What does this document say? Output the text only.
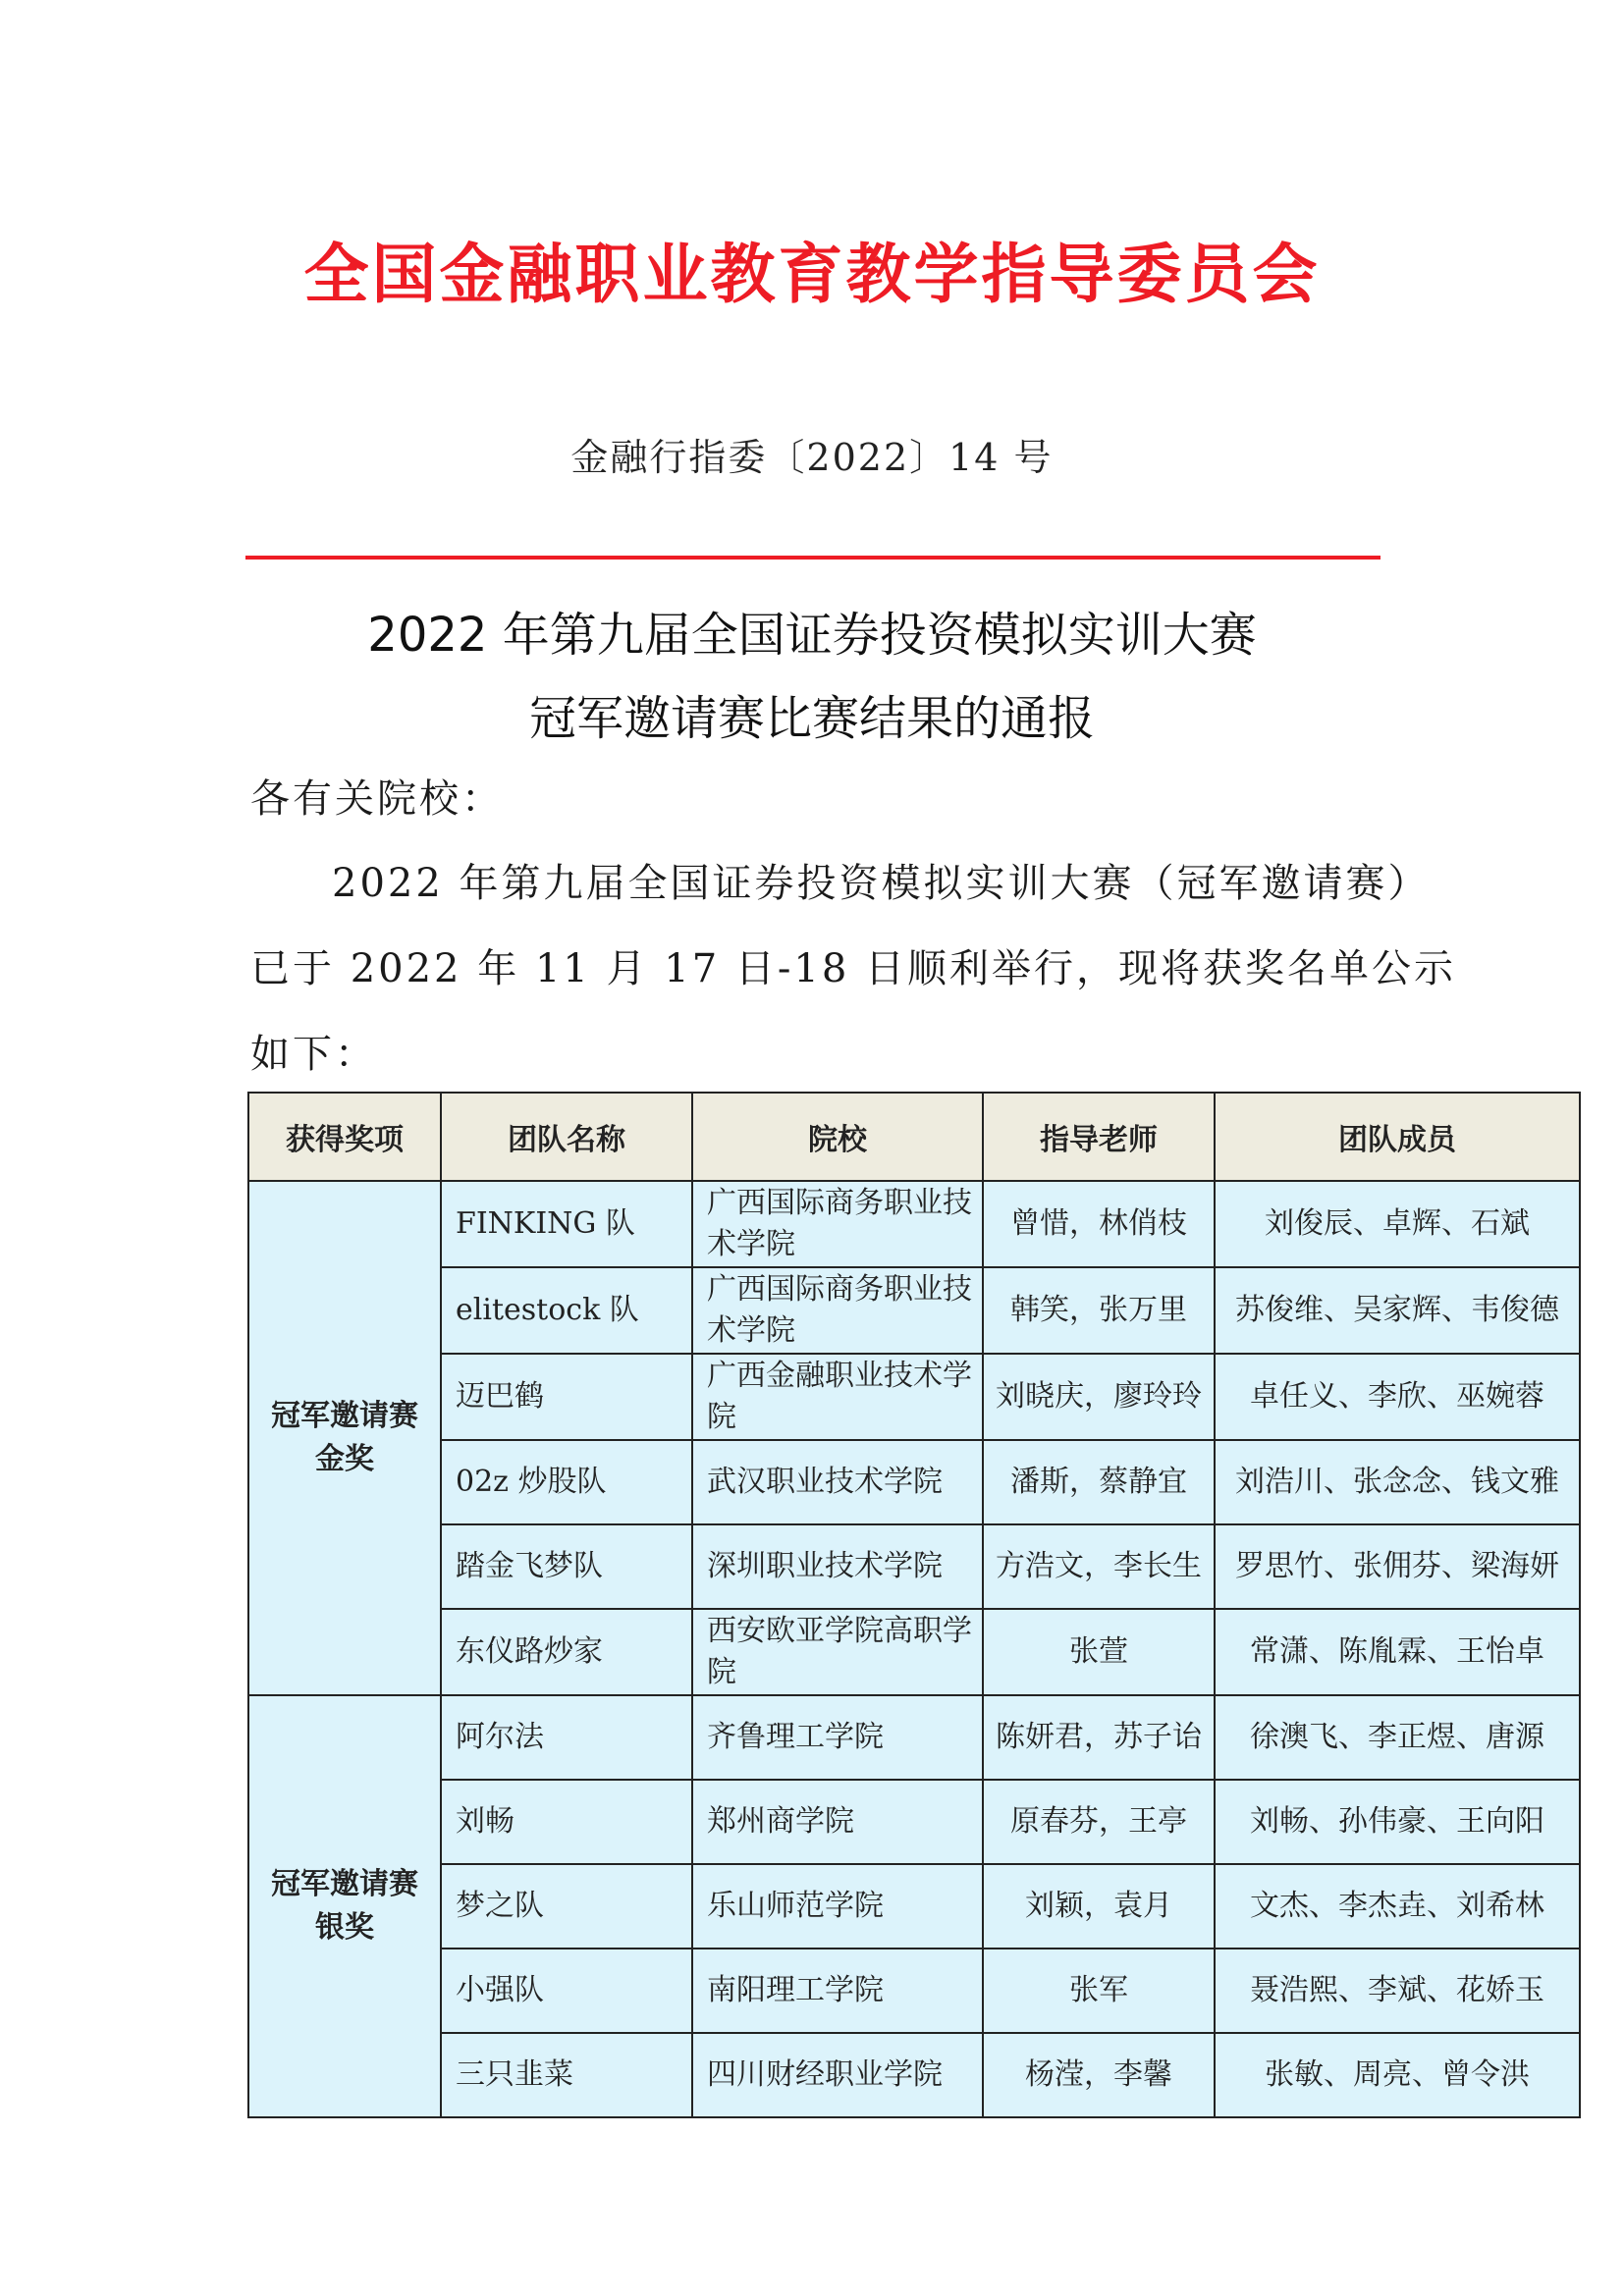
全国金融职业教育教学指导委员会
金融行指委〔2022〕14 号
2022 年第九届全国证券投资模拟实训大赛
冠军邀请赛比赛结果的通报
各有关院校：
2022 年第九届全国证券投资模拟实训大赛（冠军邀请赛）
已于 2022 年 11 月 17 日-18 日顺利举行，现将获奖名单公示
如下：
获得奖项	团队名称	院校	指导老师	团队成员
冠军邀请赛
金奖	FINKING 队	广西国际商务职业技术学院	曾惜，林俏枝	刘俊辰、卓辉、石斌
	elitestock 队	广西国际商务职业技术学院	韩笑，张万里	苏俊维、吴家辉、韦俊德
	迈巴鹤	广西金融职业技术学院	刘晓庆，廖玲玲	卓任义、李欣、巫婉蓉
	02z 炒股队	武汉职业技术学院	潘斯，蔡静宜	刘浩川、张念念、钱文雅
	踏金飞梦队	深圳职业技术学院	方浩文，李长生	罗思竹、张佣芬、梁海妍
	东仪路炒家	西安欧亚学院高职学院	张萱	常潇、陈胤霖、王怡卓
冠军邀请赛
银奖	阿尔法	齐鲁理工学院	陈妍君，苏子诒	徐澳飞、李正煜、唐源
	刘畅	郑州商学院	原春芬，王亭	刘畅、孙伟豪、王向阳
	梦之队	乐山师范学院	刘颖，袁月	文杰、李杰垚、刘希林
	小强队	南阳理工学院	张军	聂浩熙、李斌、花娇玉
	三只韭菜	四川财经职业学院	杨滢，李馨	张敏、周亮、曾令洪
